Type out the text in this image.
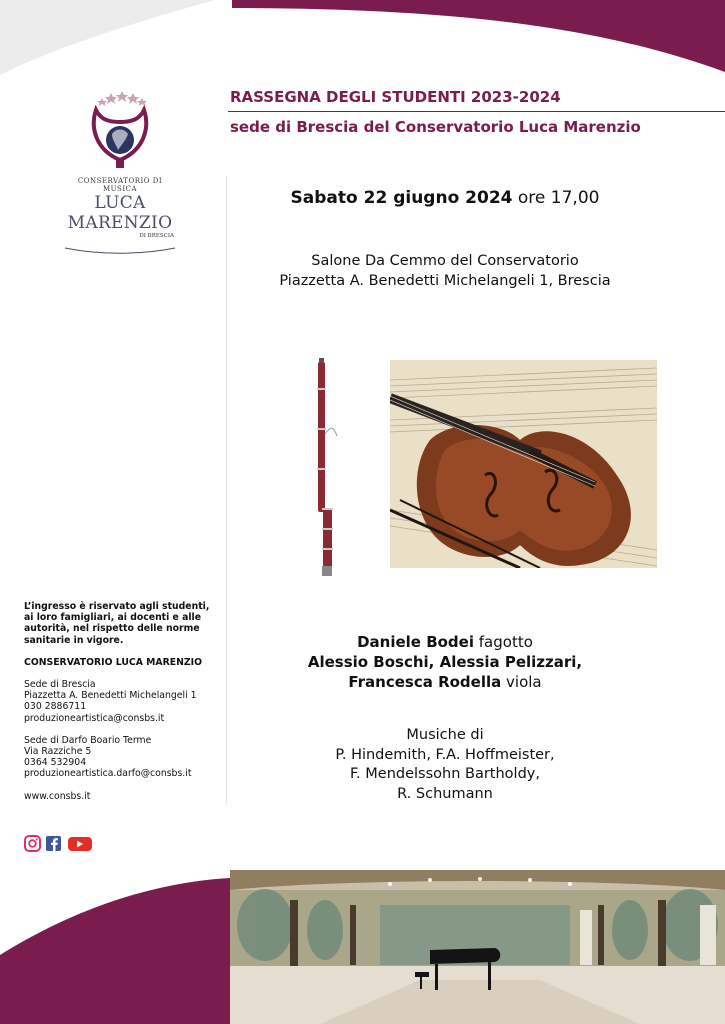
CONSERVATORIO DI MUSICA
LUCA MARENZIO
DI BRESCIA
RASSEGNA DEGLI STUDENTI 2023-2024
sede di Brescia del Conservatorio Luca Marenzio
Sabato 22 giugno 2024 ore 17,00
Salone Da Cemmo del Conservatorio
Piazzetta A. Benedetti Michelangeli 1, Brescia
Daniele Bodei fagotto
Alessio Boschi, Alessia Pelizzari,
Francesca Rodella viola
Musiche di
P. Hindemith, F.A. Hoffmeister,
F. Mendelssohn Bartholdy,
R. Schumann

L’ingresso è riservato agli studenti,

ai loro famigliari, ai docenti e alle

autorità, nel rispetto delle norme

sanitarie in vigore.

CONSERVATORIO LUCA MARENZIO

Sede di Brescia

Piazzetta A. Benedetti Michelangeli 1

030 2886711

produzioneartistica@consbs.it

Sede di Darfo Boario Terme

Via Razziche 5

0364 532904

produzioneartistica.darfo@consbs.it

www.consbs.it
